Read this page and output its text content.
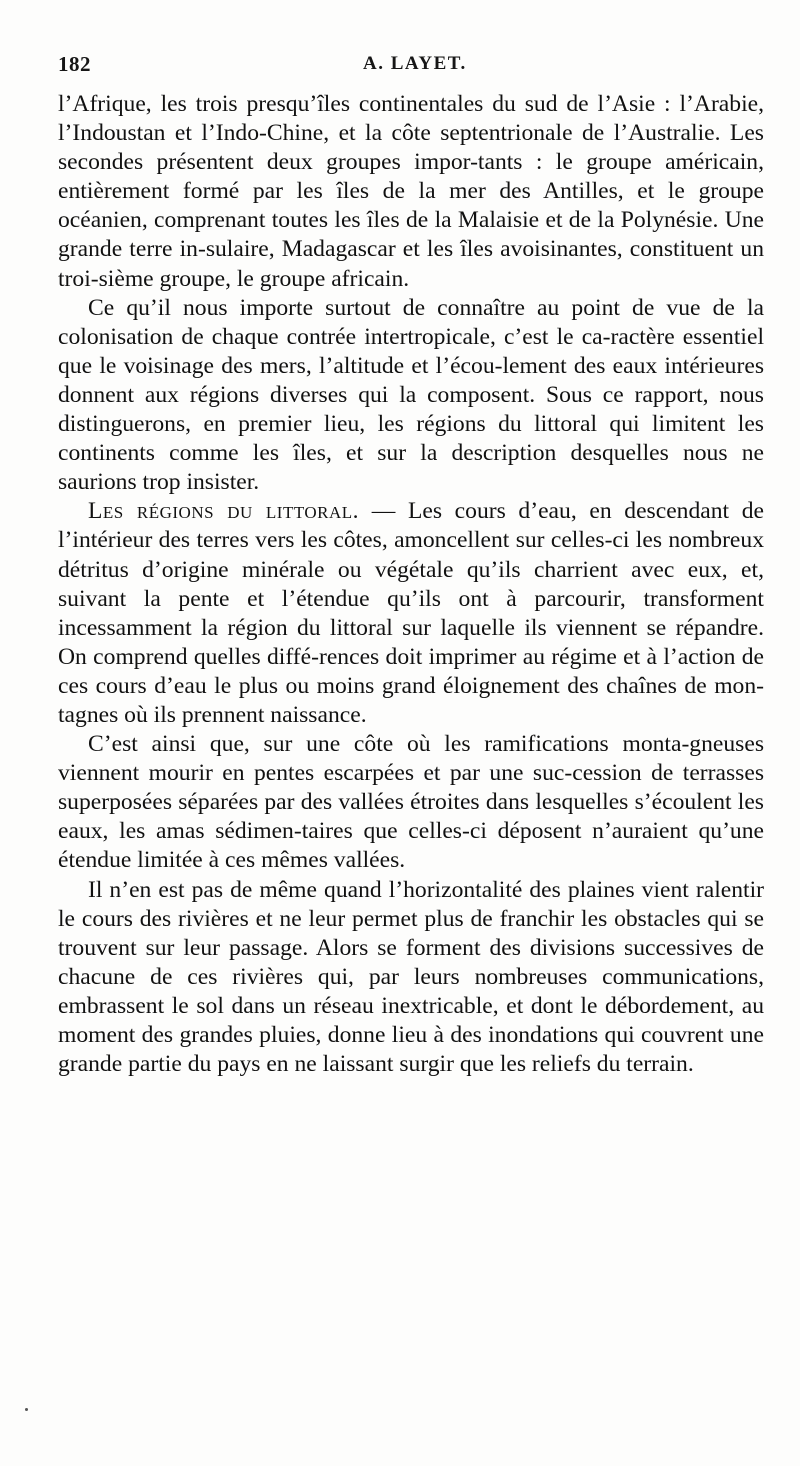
182	A. LAYET.

l’Afrique, les trois presqu’îles continentales du sud de l’Asie : l’Arabie, l’Indoustan et l’Indo-Chine, et la côte septentrionale de l’Australie. Les secondes présentent deux groupes impor-tants : le groupe américain, entièrement formé par les îles de la mer des Antilles, et le groupe océanien, comprenant toutes les îles de la Malaisie et de la Polynésie. Une grande terre in-sulaire, Madagascar et les îles avoisinantes, constituent un troi-sième groupe, le groupe africain.

Ce qu’il nous importe surtout de connaître au point de vue de la colonisation de chaque contrée intertropicale, c’est le ca-ractère essentiel que le voisinage des mers, l’altitude et l’écou-lement des eaux intérieures donnent aux régions diverses qui la composent. Sous ce rapport, nous distinguerons, en premier lieu, les régions du littoral qui limitent les continents comme les îles, et sur la description desquelles nous ne saurions trop insister.

Les régions du littoral. — Les cours d’eau, en descendant de l’intérieur des terres vers les côtes, amoncellent sur celles-ci les nombreux détritus d’origine minérale ou végétale qu’ils charrient avec eux, et, suivant la pente et l’étendue qu’ils ont à parcourir, transforment incessamment la région du littoral sur laquelle ils viennent se répandre. On comprend quelles diffé-rences doit imprimer au régime et à l’action de ces cours d’eau le plus ou moins grand éloignement des chaînes de mon-tagnes où ils prennent naissance.

C’est ainsi que, sur une côte où les ramifications monta-gneuses viennent mourir en pentes escarpées et par une suc-cession de terrasses superposées séparées par des vallées étroites dans lesquelles s’écoulent les eaux, les amas sédimen-taires que celles-ci déposent n’auraient qu’une étendue limitée à ces mêmes vallées.

Il n’en est pas de même quand l’horizontalité des plaines vient ralentir le cours des rivières et ne leur permet plus de franchir les obstacles qui se trouvent sur leur passage. Alors se forment des divisions successives de chacune de ces rivières qui, par leurs nombreuses communications, embrassent le sol dans un réseau inextricable, et dont le débordement, au moment des grandes pluies, donne lieu à des inondations qui couvrent une grande partie du pays en ne laissant surgir que les reliefs du terrain.
